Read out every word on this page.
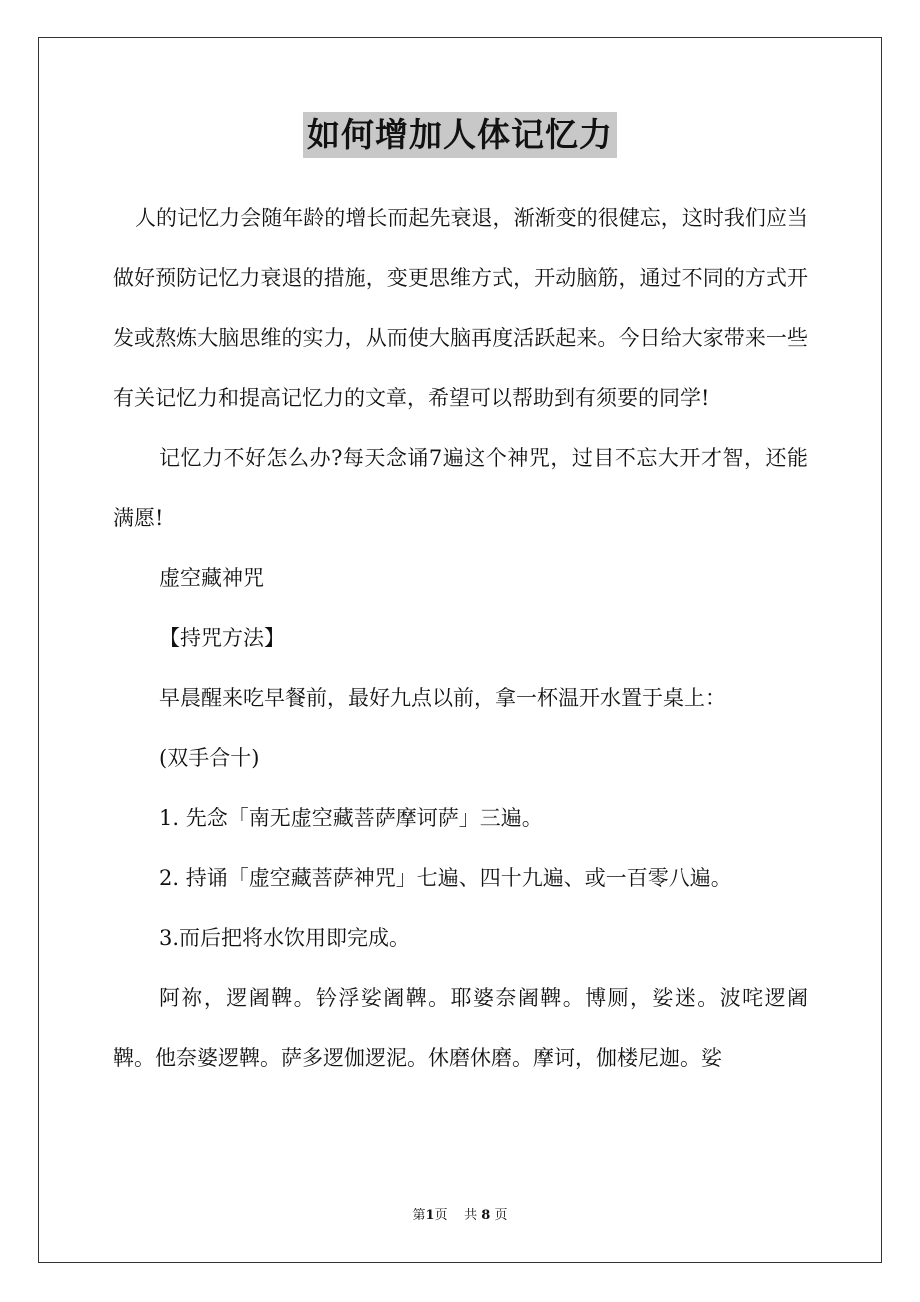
如何增加人体记忆力

人的记忆力会随年龄的增长而起先衰退，渐渐变的很健忘，这时我们应当做好预防记忆力衰退的措施，变更思维方式，开动脑筋，通过不同的方式开发或熬炼大脑思维的实力，从而使大脑再度活跃起来。今日给大家带来一些有关记忆力和提高记忆力的文章，希望可以帮助到有须要的同学!

记忆力不好怎么办?每天念诵7遍这个神咒，过目不忘大开才智，还能满愿!

虚空藏神咒

【持咒方法】

早晨醒来吃早餐前，最好九点以前，拿一杯温开水置于桌上：

(双手合十)

1. 先念「南无虚空藏菩萨摩诃萨」三遍。

2. 持诵「虚空藏菩萨神咒」七遍、四十九遍、或一百零八遍。

3.而后把将水饮用即完成。

阿祢，逻阇鞞。钤浮娑阇鞞。耶婆奈阇鞞。博厕，娑迷。波咤逻阇鞞。他奈婆逻鞞。萨多逻伽逻泥。休磨休磨。摩诃，伽楼尼迦。娑

第1页 共 8 页
